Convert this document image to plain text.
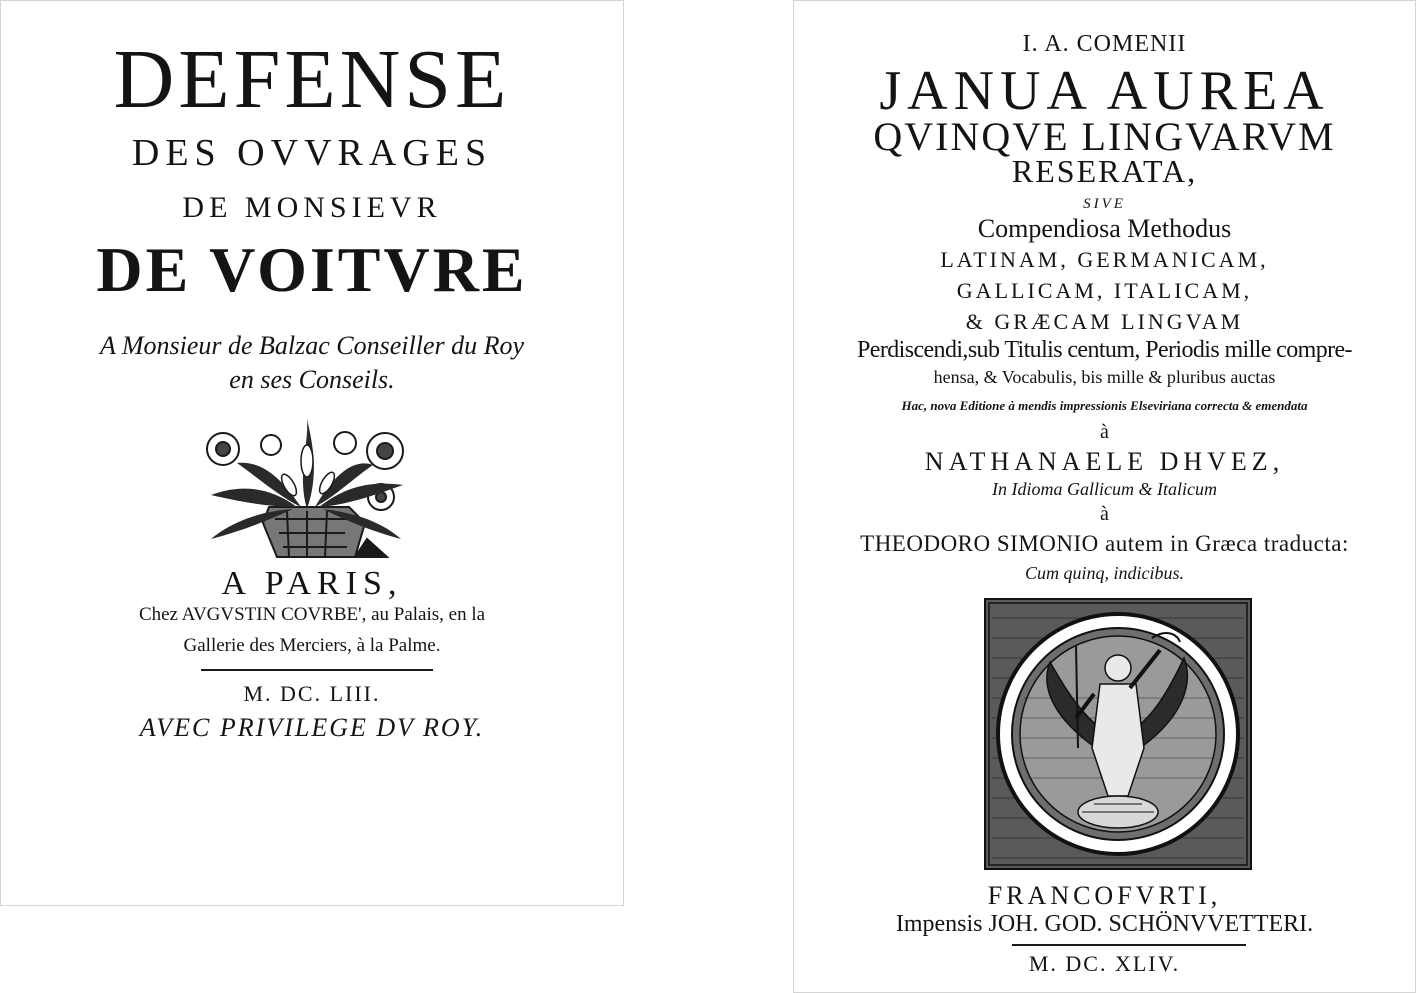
DEFENSE
DES OVVRAGES
DE MONSIEVR
DE VOITVRE
A Monsieur de Balzac Conseiller du Roy
en ses Conseils.
A PARIS,
Chez AVGVSTIN COVRBE', au Palais, en la
Gallerie des Merciers, à la Palme.
M. DC. LIII.
AVEC PRIVILEGE DV ROY.
I. A. COMENII
JANUA AUREA
QVINQVE LINGVARVM
RESERATA,
SIVE
Compendiosa Methodus
LATINAM, GERMANICAM,
GALLICAM, ITALICAM,
& GRÆCAM LINGVAM
Perdiscendi,sub Titulis centum, Periodis mille compre-
hensa, & Vocabulis, bis mille & pluribus auctas
Hac, nova Editione à mendis impressionis Elseviriana correcta & emendata
à
NATHANAELE DHVEZ,
In Idioma Gallicum & Italicum
à
THEODORO SIMONIO autem in Græca traducta:
Cum quinq, indicibus.
FRANCOFVRTI,
Impensis JOH. GOD. SCHÖNVVETTERI.
M. DC. XLIV.
